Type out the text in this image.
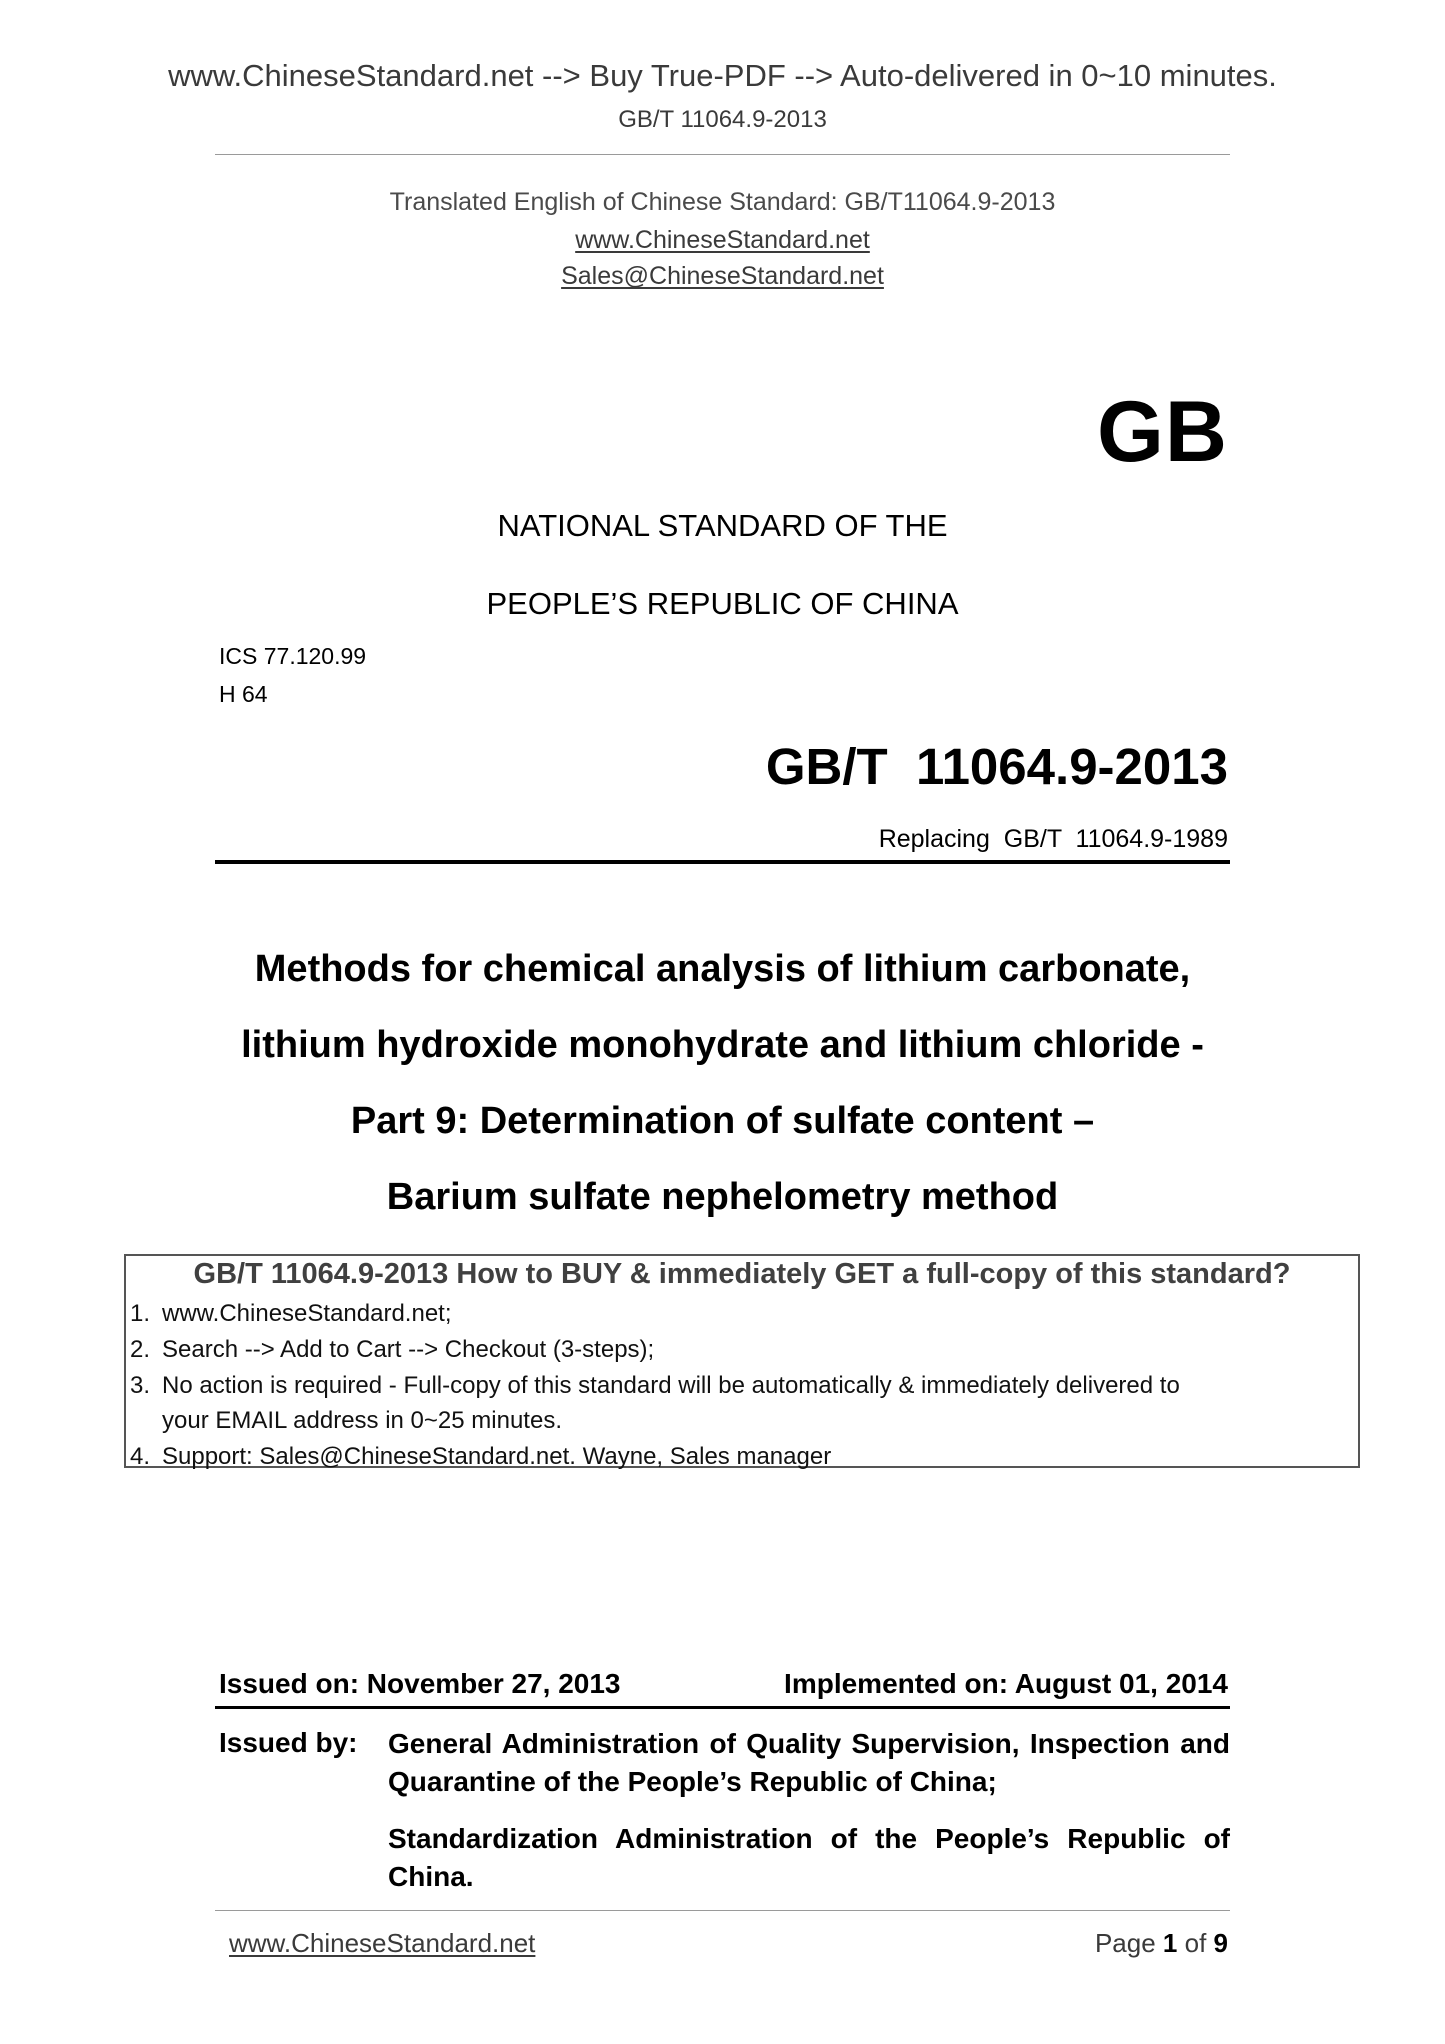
www.ChineseStandard.net --> Buy True-PDF --> Auto-delivered in 0~10 minutes.
GB/T 11064.9-2013
Translated English of Chinese Standard: GB/T11064.9-2013
www.ChineseStandard.net
Sales@ChineseStandard.net
GB
NATIONAL STANDARD OF THE
PEOPLE’S REPUBLIC OF CHINA
ICS 77.120.99
H 64
GB/T  11064.9-2013
Replacing  GB/T  11064.9-1989
Methods for chemical analysis of lithium carbonate,
lithium hydroxide monohydrate and lithium chloride -
Part 9: Determination of sulfate content –
Barium sulfate nephelometry method
GB/T 11064.9-2013 How to BUY & immediately GET a full-copy of this standard?
1. www.ChineseStandard.net;
2. Search --> Add to Cart --> Checkout (3-steps);
3. No action is required - Full-copy of this standard will be automatically & immediately delivered to
your EMAIL address in 0~25 minutes.
4. Support: Sales@ChineseStandard.net. Wayne, Sales manager
Issued on: November 27, 2013	Implemented on: August 01, 2014
Issued by: General Administration of Quality Supervision, Inspection and Quarantine of the People’s Republic of China;
Standardization Administration of the People’s Republic of China.
www.ChineseStandard.net	Page 1 of 9
